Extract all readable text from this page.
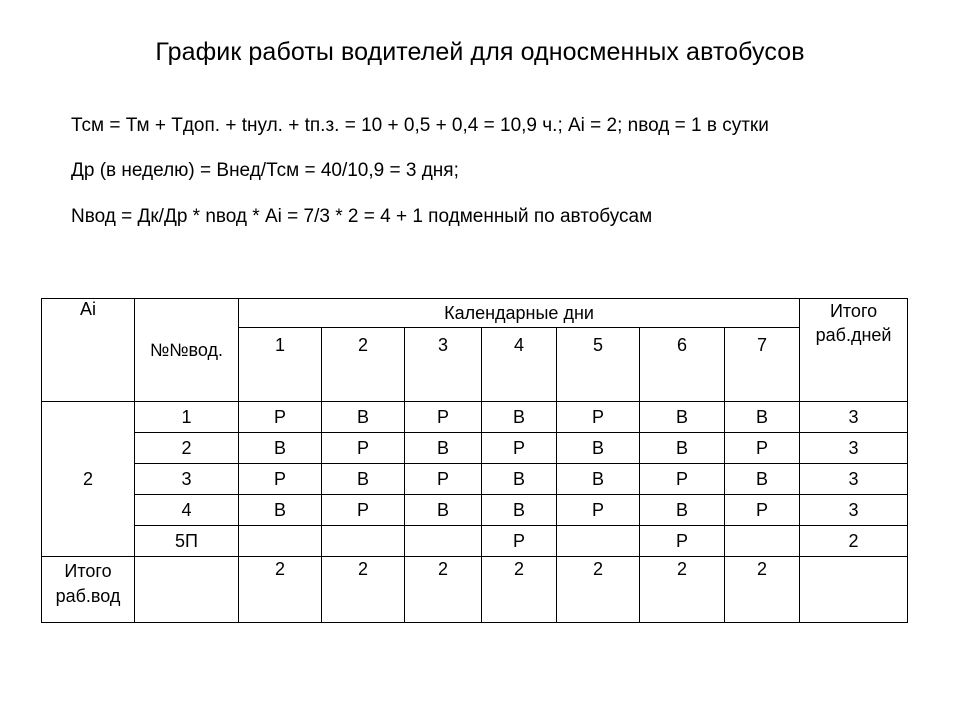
График работы водителей для односменных автобусов
Тсм = Тм + Тдоп. + tнул. + tп.з. = 10 + 0,5 + 0,4 = 10,9 ч.; Ai = 2; nвод = 1 в сутки
Др (в неделю) = Внед/Тсм = 40/10,9 = 3 дня;
Nвод = Дк/Др * nвод * Ai = 7/3 * 2 = 4 + 1 подменный по автобусам
Ai	№№вод.	Календарные дни							Итого
раб.дней
		1	2	3	4	5	6	7	
2	1	Р	В	Р	В	Р	В	В	3
	2	В	Р	В	Р	В	В	Р	3
	3	Р	В	Р	В	В	Р	В	3
	4	В	Р	В	В	Р	В	Р	3
	5П				Р		Р		2
Итого
раб.вод		2	2	2	2	2	2	2	
